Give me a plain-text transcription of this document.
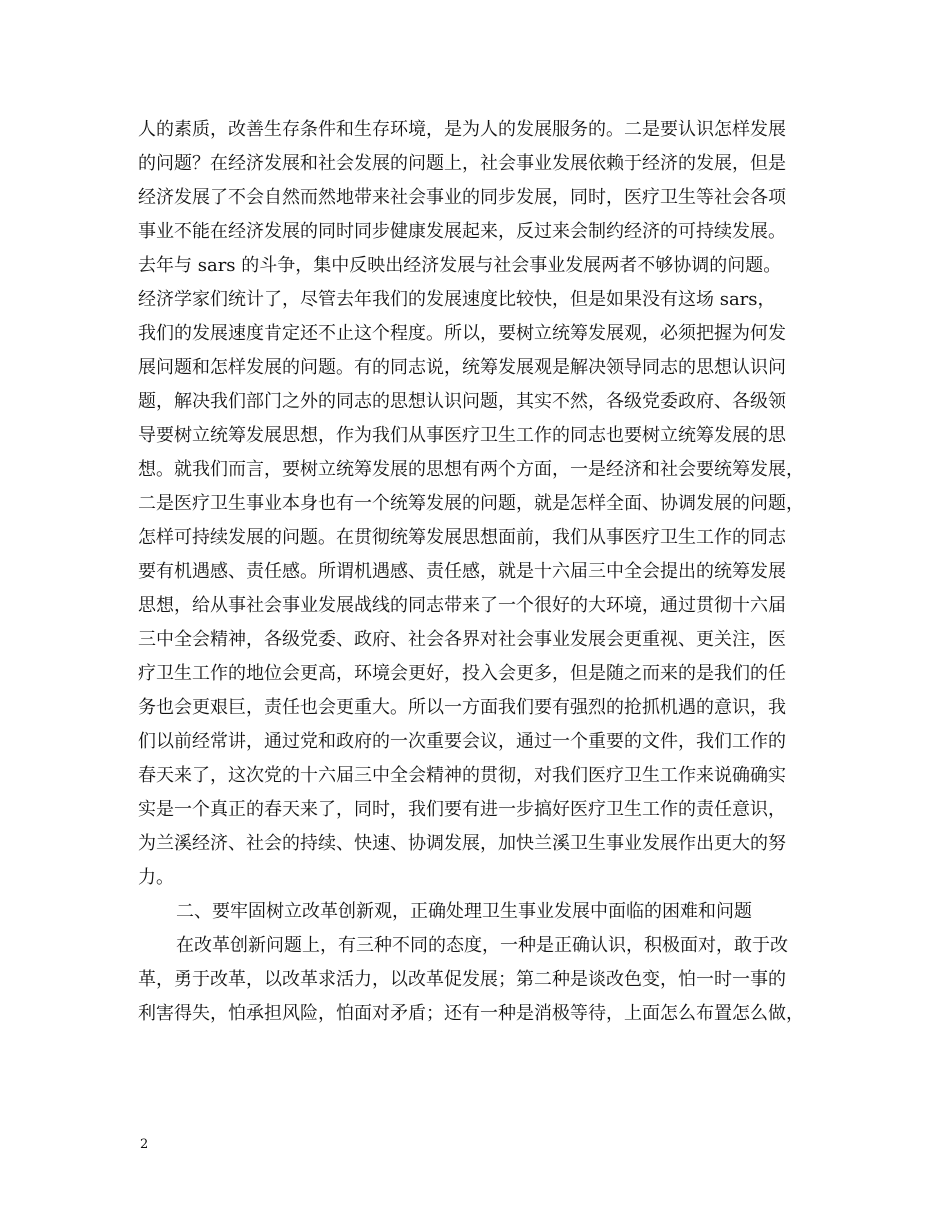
人的素质，改善生存条件和生存环境，是为人的发展服务的。二是要认识怎样发展
的问题？在经济发展和社会发展的问题上，社会事业发展依赖于经济的发展，但是
经济发展了不会自然而然地带来社会事业的同步发展，同时，医疗卫生等社会各项
事业不能在经济发展的同时同步健康发展起来，反过来会制约经济的可持续发展。
去年与 sars 的斗争，集中反映出经济发展与社会事业发展两者不够协调的问题。
经济学家们统计了，尽管去年我们的发展速度比较快，但是如果没有这场 sars，
我们的发展速度肯定还不止这个程度。所以，要树立统筹发展观，必须把握为何发
展问题和怎样发展的问题。有的同志说，统筹发展观是解决领导同志的思想认识问
题，解决我们部门之外的同志的思想认识问题，其实不然，各级党委政府、各级领
导要树立统筹发展思想，作为我们从事医疗卫生工作的同志也要树立统筹发展的思
想。就我们而言，要树立统筹发展的思想有两个方面，一是经济和社会要统筹发展，
二是医疗卫生事业本身也有一个统筹发展的问题，就是怎样全面、协调发展的问题，
怎样可持续发展的问题。在贯彻统筹发展思想面前，我们从事医疗卫生工作的同志
要有机遇感、责任感。所谓机遇感、责任感，就是十六届三中全会提出的统筹发展
思想，给从事社会事业发展战线的同志带来了一个很好的大环境，通过贯彻十六届
三中全会精神，各级党委、政府、社会各界对社会事业发展会更重视、更关注，医
疗卫生工作的地位会更高，环境会更好，投入会更多，但是随之而来的是我们的任
务也会更艰巨，责任也会更重大。所以一方面我们要有强烈的抢抓机遇的意识，我
们以前经常讲，通过党和政府的一次重要会议，通过一个重要的文件，我们工作的
春天来了，这次党的十六届三中全会精神的贯彻，对我们医疗卫生工作来说确确实
实是一个真正的春天来了，同时，我们要有进一步搞好医疗卫生工作的责任意识，
为兰溪经济、社会的持续、快速、协调发展，加快兰溪卫生事业发展作出更大的努
力。
二、要牢固树立改革创新观，正确处理卫生事业发展中面临的困难和问题
在改革创新问题上，有三种不同的态度，一种是正确认识，积极面对，敢于改
革，勇于改革，以改革求活力，以改革促发展；第二种是谈改色变，怕一时一事的
利害得失，怕承担风险，怕面对矛盾；还有一种是消极等待，上面怎么布置怎么做，
2
